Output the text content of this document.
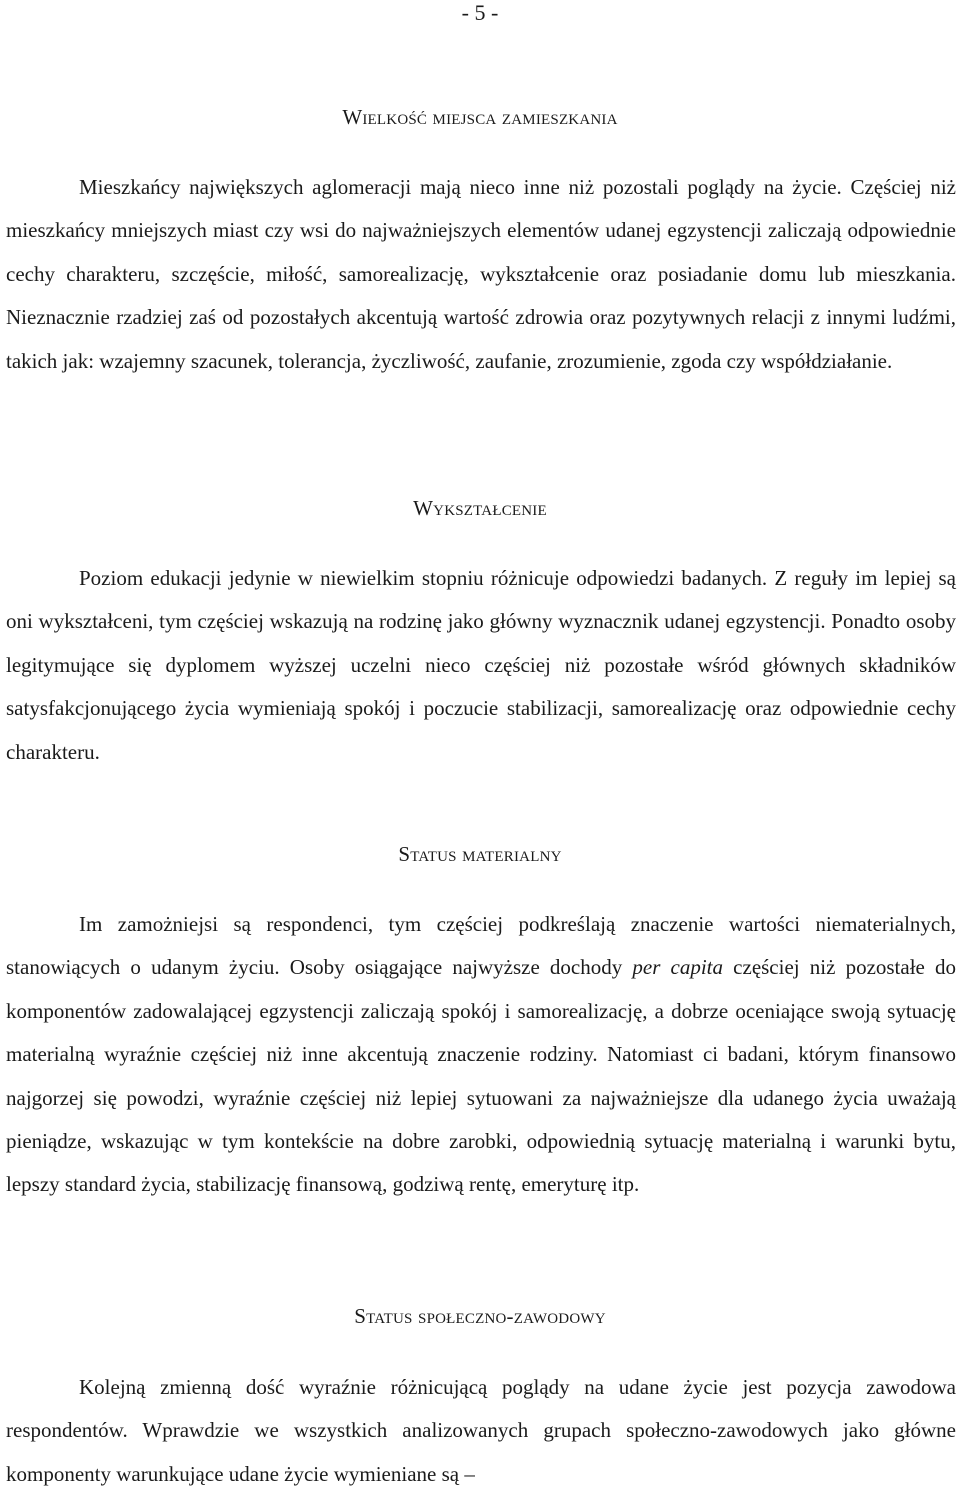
- 5 -
Wielkość miejsca zamieszkania

Mieszkańcy największych aglomeracji mają nieco inne niż pozostali poglądy na życie. Częściej niż mieszkańcy mniejszych miast czy wsi do najważniejszych elementów udanej egzystencji zaliczają odpowiednie cechy charakteru, szczęście, miłość, samorealizację, wykształcenie oraz posiadanie domu lub mieszkania. Nieznacznie rzadziej zaś od pozostałych akcentują wartość zdrowia oraz pozytywnych relacji z innymi ludźmi, takich jak: wzajemny szacunek, tolerancja, życzliwość, zaufanie, zrozumienie, zgoda czy współdziałanie.

Wykształcenie

Poziom edukacji jedynie w niewielkim stopniu różnicuje odpowiedzi badanych. Z reguły im lepiej są oni wykształceni, tym częściej wskazują na rodzinę jako główny wyznacznik udanej egzystencji. Ponadto osoby legitymujące się dyplomem wyższej uczelni nieco częściej niż pozostałe wśród głównych składników satysfakcjonującego życia wymieniają spokój i poczucie stabilizacji, samorealizację oraz odpowiednie cechy charakteru.

Status materialny

Im zamożniejsi są respondenci, tym częściej podkreślają znaczenie wartości niematerialnych, stanowiących o udanym życiu. Osoby osiągające najwyższe dochody per capita częściej niż pozostałe do komponentów zadowalającej egzystencji zaliczają spokój i samorealizację, a dobrze oceniające swoją sytuację materialną wyraźnie częściej niż inne akcentują znaczenie rodziny. Natomiast ci badani, którym finansowo najgorzej się powodzi, wyraźnie częściej niż lepiej sytuowani za najważniejsze dla udanego życia uważają pieniądze, wskazując w tym kontekście na dobre zarobki, odpowiednią sytuację materialną i warunki bytu, lepszy standard życia, stabilizację finansową, godziwą rentę, emeryturę itp.

Status społeczno-zawodowy

Kolejną zmienną dość wyraźnie różnicującą poglądy na udane życie jest pozycja zawodowa respondentów. Wprawdzie we wszystkich analizowanych grupach społeczno-zawodowych jako główne komponenty warunkujące udane życie wymieniane są –
